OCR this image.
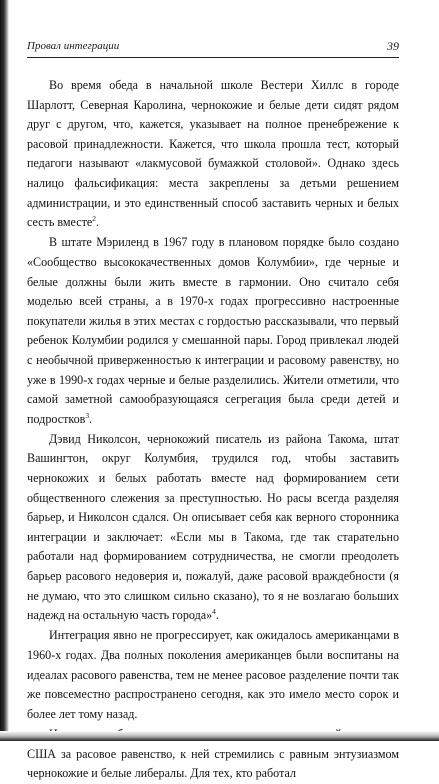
Провал интеграции	39

Во время обеда в начальной школе Вестери Хиллс в городе Шарлотт, Северная Каролина, чернокожие и белые дети сидят рядом друг с другом, что, кажется, указывает на полное пренебрежение к расовой принадлежности. Кажется, что школа прошла тест, который педагоги называют «лакмусовой бумажкой столовой». Однако здесь налицо фальсификация: места закреплены за детьми решением администрации, и это единственный способ заставить черных и белых сесть вместе$^2$.

В штате Мэриленд в 1967 году в плановом порядке было создано «Сообщество высококачественных домов Колумбии», где черные и белые должны были жить вместе в гармонии. Оно считало себя моделью всей страны, а в 1970-х годах прогрессивно настроенные покупатели жилья в этих местах с гордостью рассказывали, что первый ребенок Колумбии родился у смешанной пары. Город привлекал людей с необычной приверженностью к интеграции и расовому равенству, но уже в 1990-х годах черные и белые разделились. Жители отметили, что самой заметной самообразующаяся сегрегация была среди детей и подростков$^3$.

Дэвид Николсон, чернокожий писатель из района Такома, штат Вашингтон, округ Колумбия, трудился год, чтобы заставить чернокожих и белых работать вместе над формированием сети общественного слежения за преступностью. Но расы всегда разделяя барьер, и Николсон сдался. Он описывает себя как верного сторонника интеграции и заключает: «Если мы в Такома, где так старательно работали над формированием сотрудничества, не смогли преодолеть барьер расового недоверия и, пожалуй, даже расовой враждебности (я не думаю, что это слишком сильно сказано), то я не возлагаю больших надежд на остальную часть города»$^4$.

Интеграция явно не прогрессирует, как ожидалось американцами в 1960-х годах. Два полных поколения американцев были воспитаны на идеалах расового равенства, тем не менее расовое разделение почти так же повсеместно распространено сегодня, как это имело место сорок и более лет тому назад.

США за расовое равенство, к ней стремились с равным энтузиазмом чернокожие и белые либералы. Для тех, кто работал
